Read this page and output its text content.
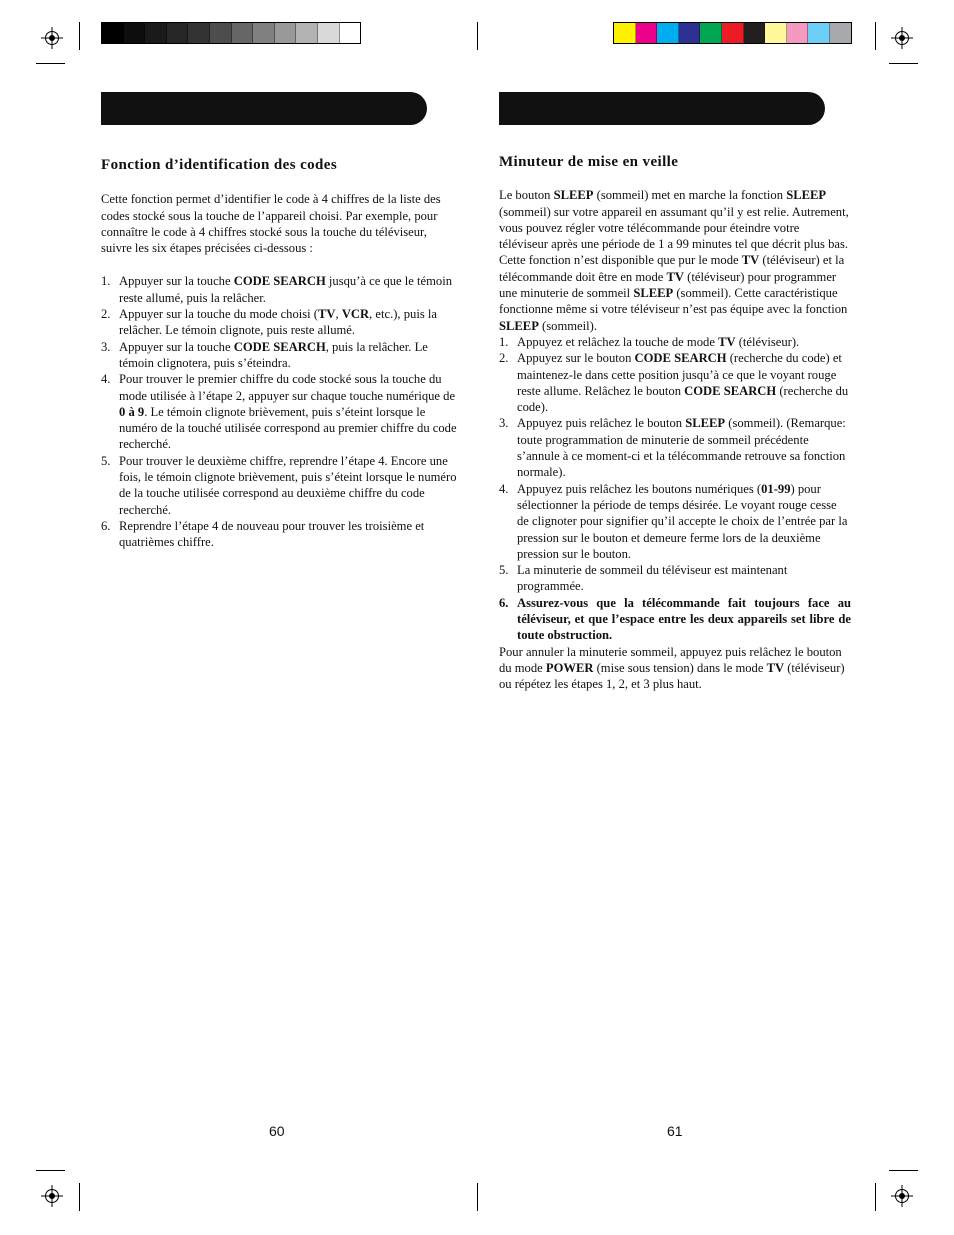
Fonction d’identification des codes

Cette fonction permet d’identifier le code à 4 chiffres de la liste des codes stocké sous la touche de l’appareil choisi. Par exemple, pour connaître le code à 4 chiffres stocké sous la touche du téléviseur, suivre les six étapes précisées ci-dessous :

1. Appuyer sur la touche CODE SEARCH jusqu’à ce que le témoin reste allumé, puis la relâcher.
2. Appuyer sur la touche du mode choisi (TV, VCR, etc.), puis la relâcher. Le témoin clignote, puis reste allumé.
3. Appuyer sur la touche CODE SEARCH, puis la relâcher. Le témoin clignotera, puis s’éteindra.
4. Pour trouver le premier chiffre du code stocké sous la touche du mode utilisée à l’étape 2, appuyer sur chaque touche numérique de 0 à 9. Le témoin clignote brièvement, puis s’éteint lorsque le numéro de la touché utilisée correspond au premier chiffre du code recherché.
5. Pour trouver le deuxième chiffre, reprendre l’étape 4. Encore une fois, le témoin clignote brièvement, puis s’éteint lorsque le numéro de la touche utilisée correspond au deuxième chiffre du code recherché.
6. Reprendre l’étape 4 de nouveau pour trouver les troisième et quatrièmes chiffre.
Minuteur de mise en veille

Le bouton SLEEP (sommeil) met en marche la fonction SLEEP (sommeil) sur votre appareil en assumant qu’il y est relie. Autrement, vous pouvez régler votre télécommande pour éteindre votre téléviseur après une période de 1 a 99 minutes tel que décrit plus bas. Cette fonction n’est disponible que pur le mode TV (téléviseur) et la télécommande doit être en mode TV (téléviseur) pour programmer une minuterie de sommeil SLEEP (sommeil). Cette caractéristique fonctionne même si votre téléviseur n’est pas équipe avec la fonction SLEEP (sommeil).

1. Appuyez et relâchez la touche de mode TV (téléviseur).
2. Appuyez sur le bouton CODE SEARCH (recherche du code) et maintenez-le dans cette position jusqu’à ce que le voyant rouge reste allume. Relâchez le bouton CODE SEARCH (recherche du code).
3. Appuyez puis relâchez le bouton SLEEP (sommeil). (Remarque: toute programmation de minuterie de sommeil précédente s’annule à ce moment-ci et la télécommande retrouve sa fonction normale).
4. Appuyez puis relâchez les boutons numériques (01-99) pour sélectionner la période de temps désirée. Le voyant rouge cesse de clignoter pour signifier qu’il accepte le choix de l’entrée par la pression sur le bouton et demeure ferme lors de la deuxième pression sur le bouton.
5. La minuterie de sommeil du téléviseur est maintenant programmée.
6. Assurez-vous que la télécommande fait toujours face au téléviseur, et que l’espace entre les deux appareils set libre de toute obstruction.

Pour annuler la minuterie sommeil, appuyez puis relâchez le bouton du mode POWER (mise sous tension) dans le mode TV (téléviseur) ou répétez les étapes 1, 2, et 3 plus haut.

60	61
